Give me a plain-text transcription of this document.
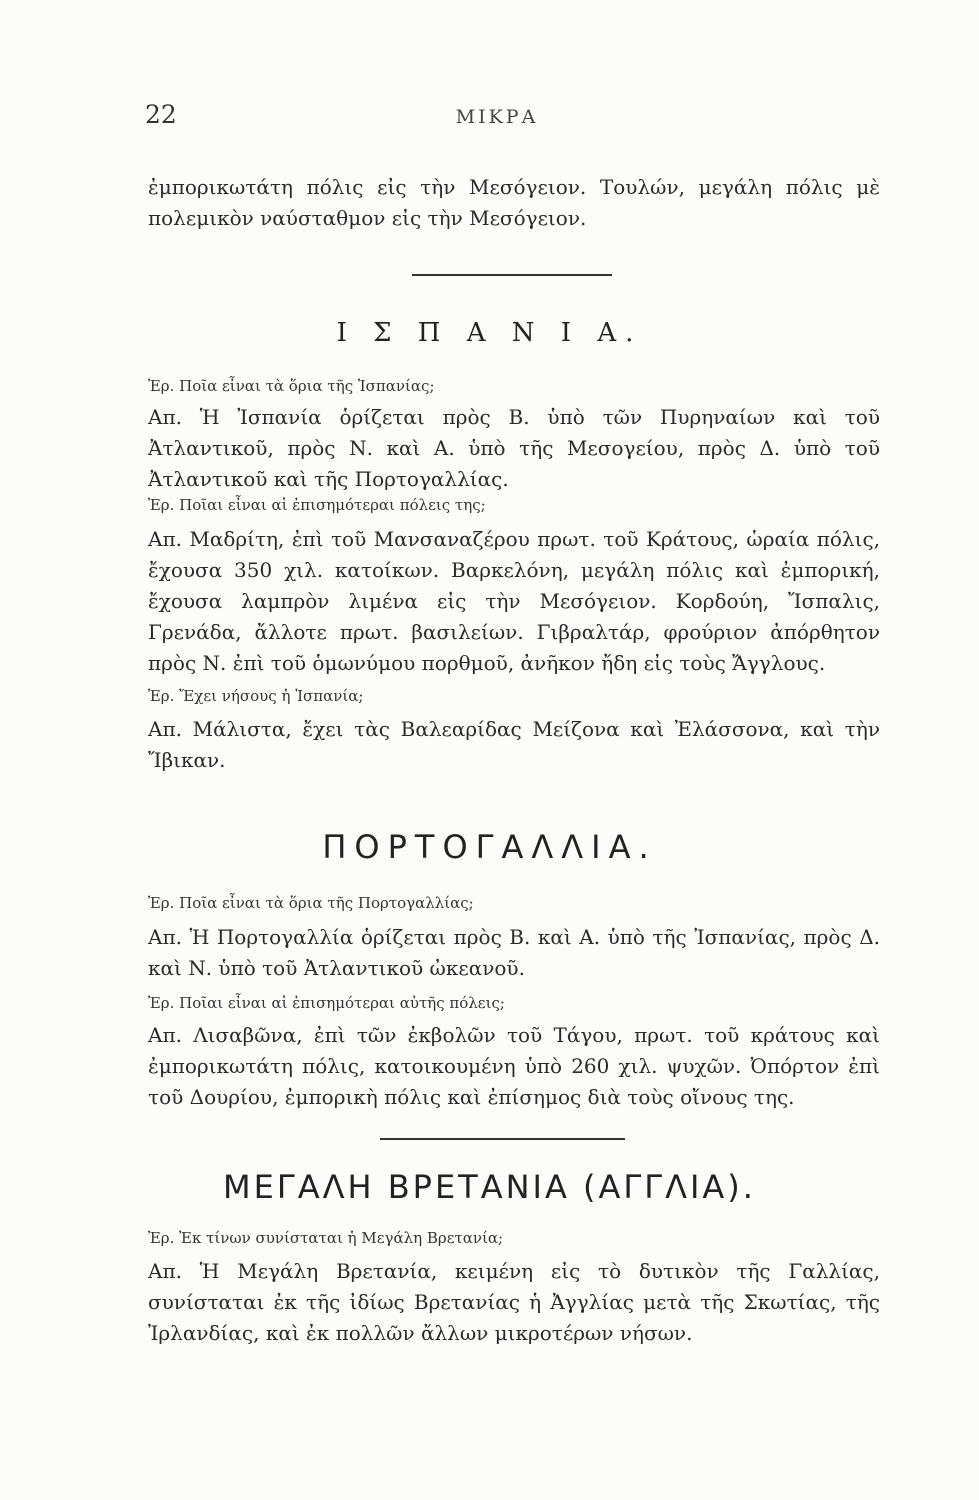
22	ΜΙΚΡΑ

ἐμπορικωτάτη πόλις εἰς τὴν Μεσόγειον. Τουλών, μεγάλη πόλις μὲ πολεμικὸν ναύσταθμον εἰς τὴν Μεσόγειον.

Ι Σ Π Α Ν Ι Α.

Ἐρ. Ποῖα εἶναι τὰ ὅρια τῆς Ἰσπανίας;

Απ. Ἡ Ἰσπανία ὁρίζεται πρὸς Β. ὑπὸ τῶν Πυρηναίων καὶ τοῦ Ἀτλαντικοῦ, πρὸς Ν. καὶ Α. ὑπὸ τῆς Μεσογείου, πρὸς Δ. ὑπὸ τοῦ Ἀτλαντικοῦ καὶ τῆς Πορτογαλλίας.

Ἐρ. Ποῖαι εἶναι αἱ ἐπισημότεραι πόλεις της;

Απ. Μαδρίτη, ἐπὶ τοῦ Μανσαναζέρου πρωτ. τοῦ Κράτους, ὡραία πόλις, ἔχουσα 350 χιλ. κατοίκων. Βαρκελόνη, μεγάλη πόλις καὶ ἐμπορική, ἔχουσα λαμπρὸν λιμένα εἰς τὴν Μεσόγειον. Κορδούη, Ἴσπαλις, Γρενάδα, ἄλλοτε πρωτ. βασιλείων. Γιβραλτάρ, φρούριον ἀπόρθητον πρὸς Ν. ἐπὶ τοῦ ὁμωνύμου πορθμοῦ, ἀνῆκον ἤδη εἰς τοὺς Ἄγγλους.

Ἐρ. Ἔχει νήσους ἡ Ἰσπανία;

Απ. Μάλιστα, ἔχει τὰς Βαλεαρίδας Μείζονα καὶ Ἐλάσσονα, καὶ τὴν Ἴβικαν.

ΠΟΡΤΟΓΑΛΛΙΑ.

Ἐρ. Ποῖα εἶναι τὰ ὅρια τῆς Πορτογαλλίας;

Απ. Ἡ Πορτογαλλία ὁρίζεται πρὸς Β. καὶ Α. ὑπὸ τῆς Ἰσπανίας, πρὸς Δ. καὶ Ν. ὑπὸ τοῦ Ἀτλαντικοῦ ὠκεανοῦ.

Ἐρ. Ποῖαι εἶναι αἱ ἐπισημότεραι αὐτῆς πόλεις;

Απ. Λισαβῶνα, ἐπὶ τῶν ἐκβολῶν τοῦ Τάγου, πρωτ. τοῦ κράτους καὶ ἐμπορικωτάτη πόλις, κατοικουμένη ὑπὸ 260 χιλ. ψυχῶν. Ὀπόρτον ἐπὶ τοῦ Δουρίου, ἐμπορικὴ πόλις καὶ ἐπίσημος διὰ τοὺς οἴνους της.

ΜΕΓΑΛΗ ΒΡΕΤΑΝΙΑ (ΑΓΓΛΙΑ).

Ἐρ. Ἐκ τίνων συνίσταται ἡ Μεγάλη Βρετανία;

Απ. Ἡ Μεγάλη Βρετανία, κειμένη εἰς τὸ δυτικὸν τῆς Γαλλίας, συνίσταται ἐκ τῆς ἰδίως Βρετανίας ἡ Ἀγγλίας μετὰ τῆς Σκωτίας, τῆς Ἰρλανδίας, καὶ ἐκ πολλῶν ἄλλων μικροτέρων νήσων.
